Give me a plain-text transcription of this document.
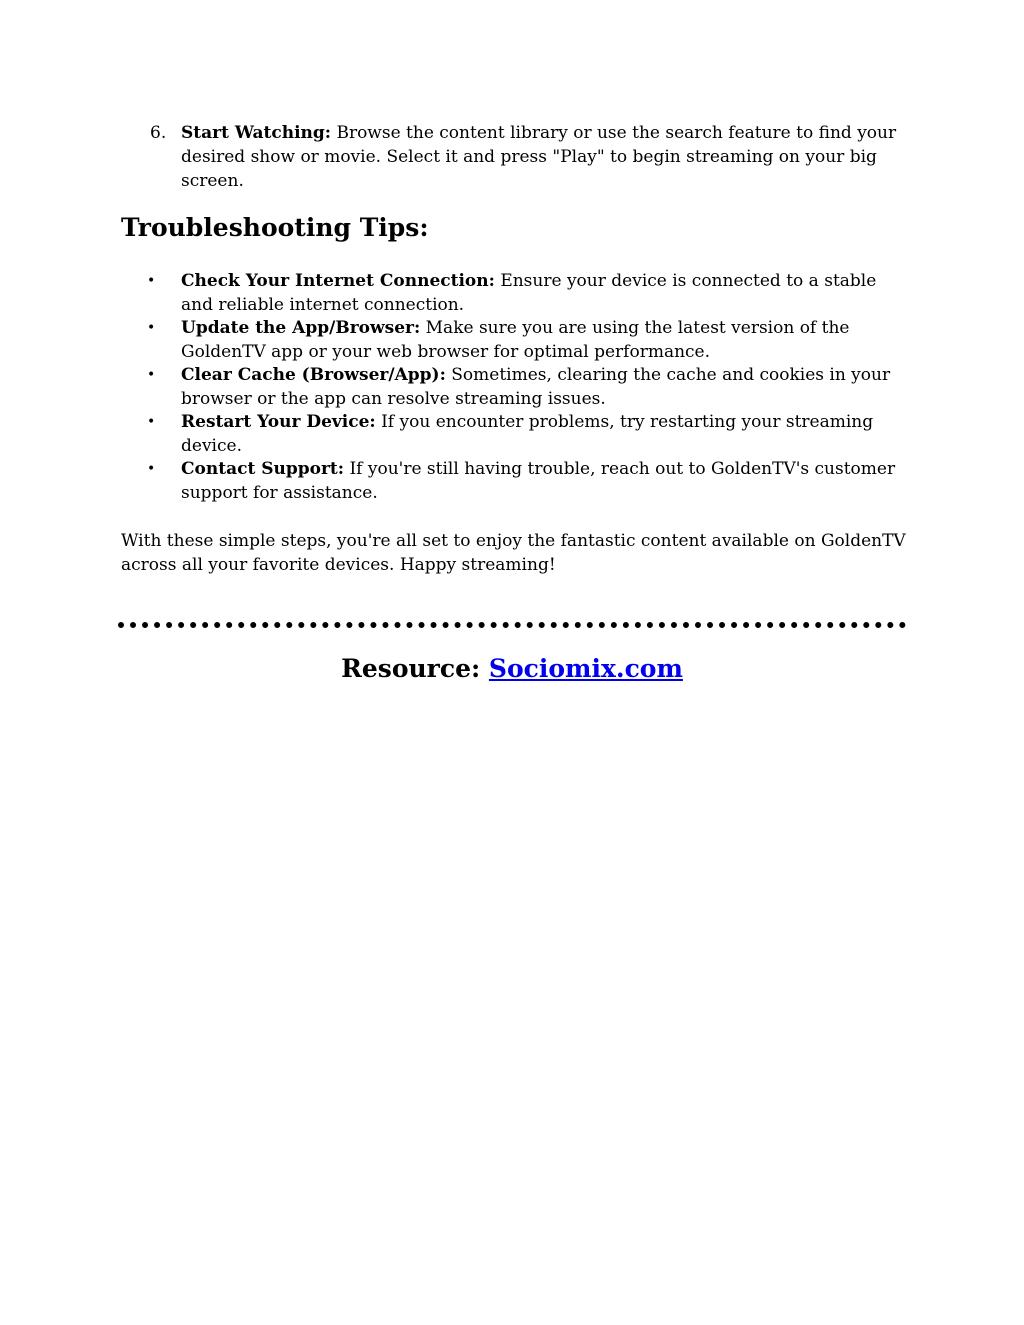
6. Start Watching: Browse the content library or use the search feature to find your desired show or movie. Select it and press "Play" to begin streaming on your big screen.
Troubleshooting Tips:
• Check Your Internet Connection: Ensure your device is connected to a stable and reliable internet connection.
• Update the App/Browser: Make sure you are using the latest version of the GoldenTV app or your web browser for optimal performance.
• Clear Cache (Browser/App): Sometimes, clearing the cache and cookies in your browser or the app can resolve streaming issues.
• Restart Your Device: If you encounter problems, try restarting your streaming device.
• Contact Support: If you're still having trouble, reach out to GoldenTV's customer support for assistance.

With these simple steps, you're all set to enjoy the fantastic content available on GoldenTV across all your favorite devices. Happy streaming!

Resource: Sociomix.com
